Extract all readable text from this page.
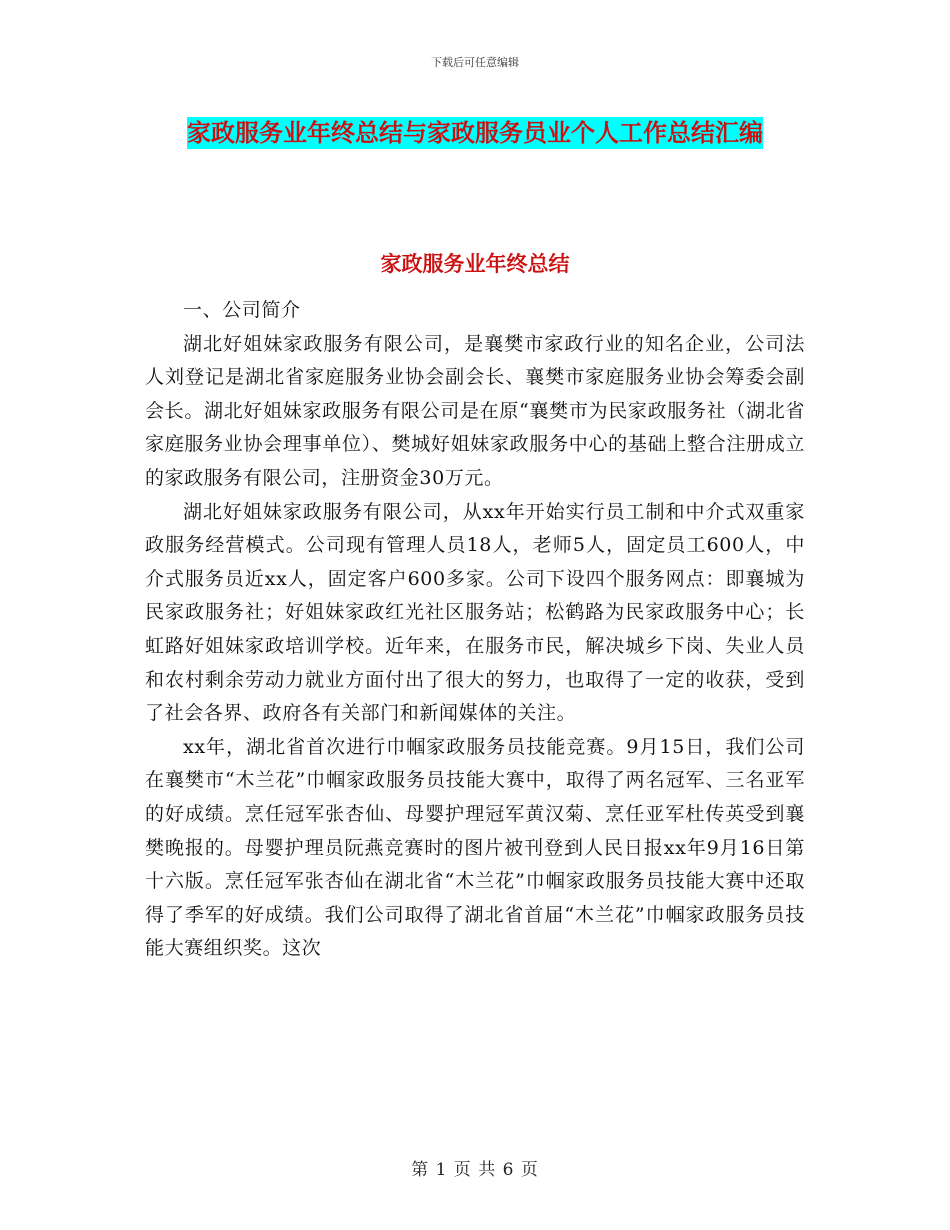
下载后可任意编辑
家政服务业年终总结与家政服务员业个人工作总结汇编
家政服务业年终总结

一、公司简介

湖北好姐妹家政服务有限公司，是襄樊市家政行业的知名企业，公司法人刘登记是湖北省家庭服务业协会副会长、襄樊市家庭服务业协会筹委会副会长。湖北好姐妹家政服务有限公司是在原“襄樊市为民家政服务社（湖北省家庭服务业协会理事单位）、樊城好姐妹家政服务中心的基础上整合注册成立的家政服务有限公司，注册资金30万元。

湖北好姐妹家政服务有限公司，从xx年开始实行员工制和中介式双重家政服务经营模式。公司现有管理人员18人，老师5人，固定员工600人，中介式服务员近xx人，固定客户600多家。公司下设四个服务网点：即襄城为民家政服务社；好姐妹家政红光社区服务站；松鹤路为民家政服务中心；长虹路好姐妹家政培训学校。近年来，在服务市民，解决城乡下岗、失业人员和农村剩余劳动力就业方面付出了很大的努力，也取得了一定的收获，受到了社会各界、政府各有关部门和新闻媒体的关注。

xx年，湖北省首次进行巾帼家政服务员技能竞赛。9月15日，我们公司在襄樊市“木兰花”巾帼家政服务员技能大赛中，取得了两名冠军、三名亚军的好成绩。烹任冠军张杏仙、母婴护理冠军黄汉菊、烹任亚军杜传英受到襄樊晚报的。母婴护理员阮燕竞赛时的图片被刊登到人民日报xx年9月16日第十六版。烹任冠军张杏仙在湖北省“木兰花”巾帼家政服务员技能大赛中还取得了季军的好成绩。我们公司取得了湖北省首届“木兰花”巾帼家政服务员技能大赛组织奖。这次

第 1 页 共 6 页
